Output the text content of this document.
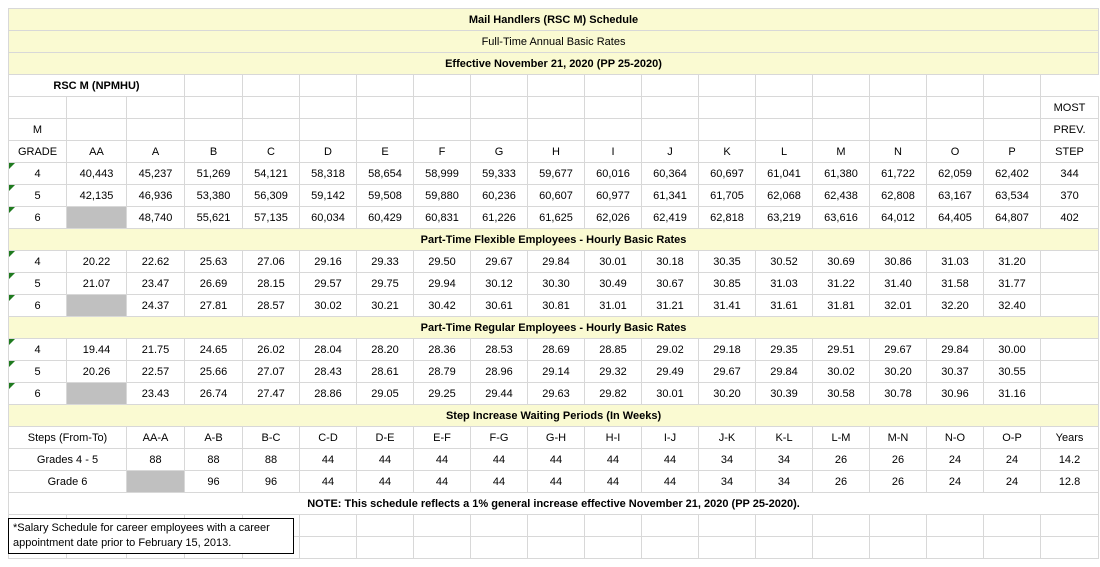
Mail Handlers (RSC M) Schedule																		
Full-Time Annual Basic Rates																		
Effective November 21, 2020 (PP 25-2020)																		
RSC M (NPMHU)																		
																		MOST
M																		PREV.
GRADE	AA	A	B	C	D	E	F	G	H	I	J	K	L	M	N	O	P	STEP

4	40,443	45,237	51,269	54,121	58,318	58,654	58,999	59,333	59,677	60,016	60,364	60,697	61,041	61,380	61,722	62,059	62,402	344

5	42,135	46,936	53,380	56,309	59,142	59,508	59,880	60,236	60,607	60,977	61,341	61,705	62,068	62,438	62,808	63,167	63,534	370

6		48,740	55,621	57,135	60,034	60,429	60,831	61,226	61,625	62,026	62,419	62,818	63,219	63,616	64,012	64,405	64,807	402
Part-Time Flexible Employees - Hourly Basic Rates																		

4	20.22	22.62	25.63	27.06	29.16	29.33	29.50	29.67	29.84	30.01	30.18	30.35	30.52	30.69	30.86	31.03	31.20	

5	21.07	23.47	26.69	28.15	29.57	29.75	29.94	30.12	30.30	30.49	30.67	30.85	31.03	31.22	31.40	31.58	31.77	

6		24.37	27.81	28.57	30.02	30.21	30.42	30.61	30.81	31.01	31.21	31.41	31.61	31.81	32.01	32.20	32.40	
Part-Time Regular Employees - Hourly Basic Rates																		

4	19.44	21.75	24.65	26.02	28.04	28.20	28.36	28.53	28.69	28.85	29.02	29.18	29.35	29.51	29.67	29.84	30.00	

5	20.26	22.57	25.66	27.07	28.43	28.61	28.79	28.96	29.14	29.32	29.49	29.67	29.84	30.02	30.20	30.37	30.55	

6		23.43	26.74	27.47	28.86	29.05	29.25	29.44	29.63	29.82	30.01	30.20	30.39	30.58	30.78	30.96	31.16	
Step Increase Waiting Periods (In Weeks)																		
Steps (From-To)		AA-A	A-B	B-C	C-D	D-E	E-F	F-G	G-H	H-I	I-J	J-K	K-L	L-M	M-N	N-O	O-P	Years
Grades 4 - 5		88	88	88	44	44	44	44	44	44	44	34	34	26	26	24	24	14.2
Grade 6			96	96	44	44	44	44	44	44	44	34	34	26	26	24	24	12.8
NOTE: This schedule reflects a 1% general increase effective November 21, 2020 (PP 25-2020).																		

*Salary Schedule for career employees with a career appointment date prior to February 15, 2013.
